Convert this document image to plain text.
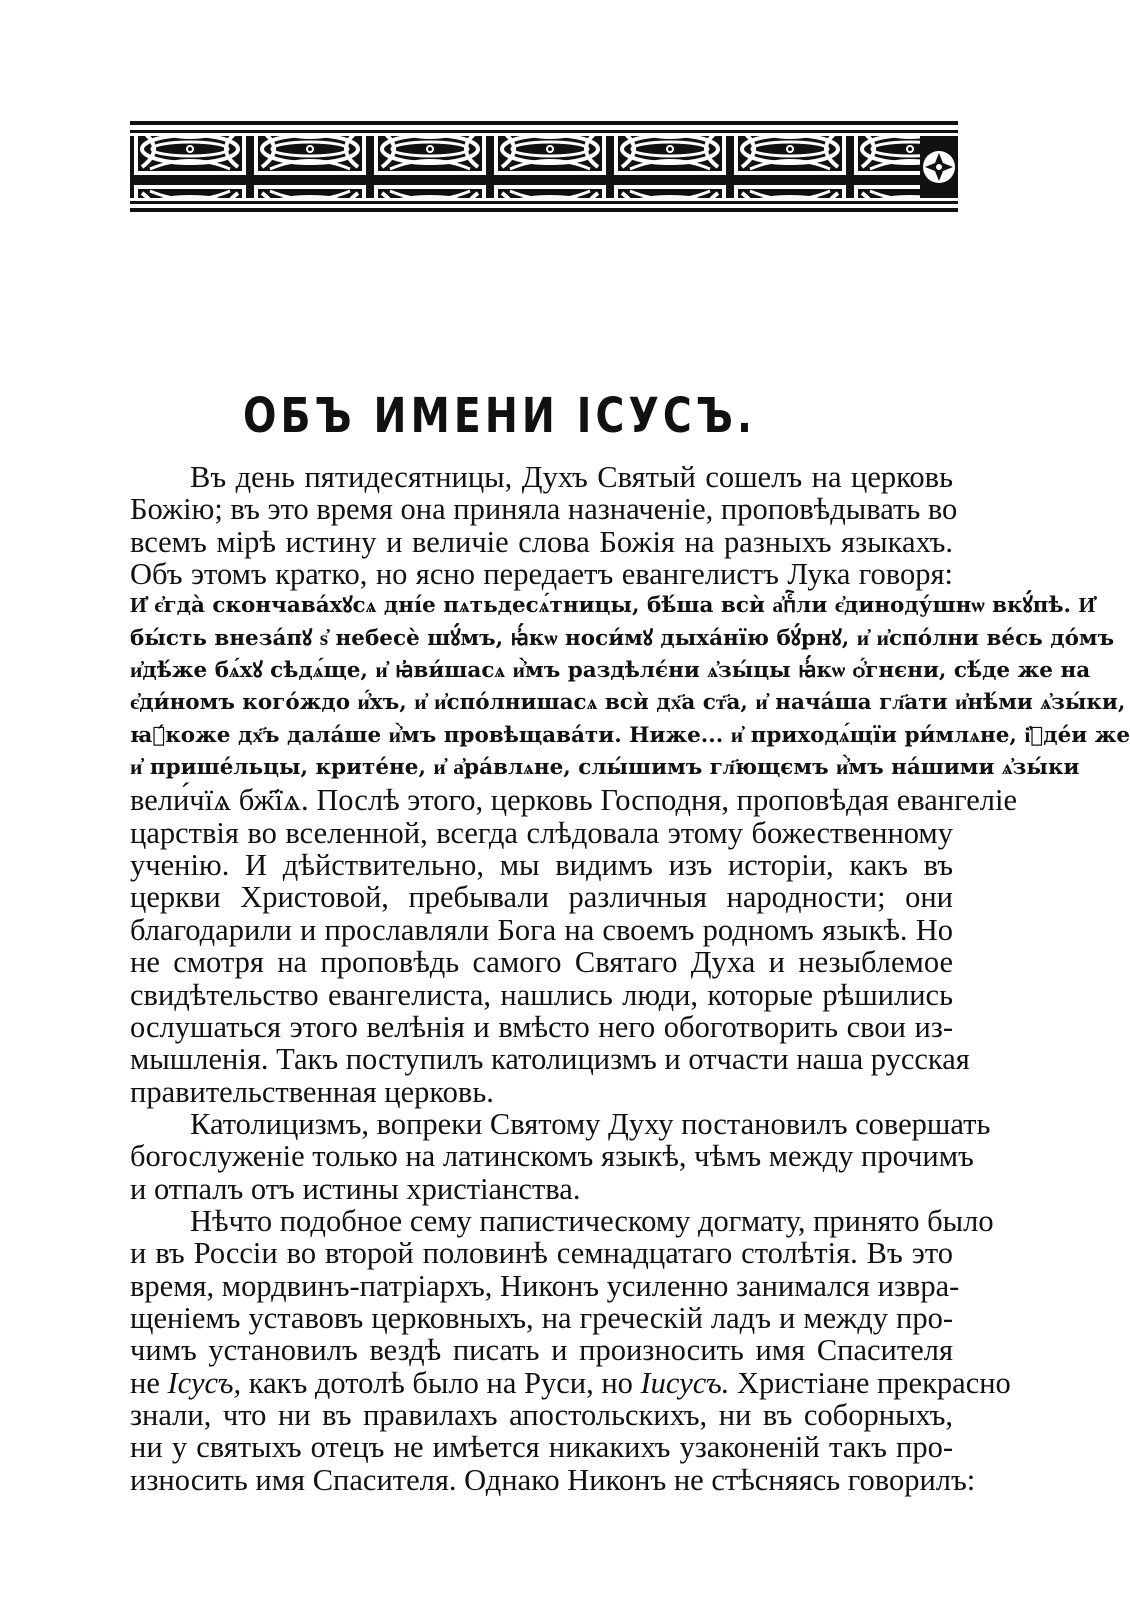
ОБЪ ИМЕНИ ІСУСЪ.
Въ день пятидесятницы, Духъ Святый сошелъ на церковь
Божію; въ это время она приняла назначеніе, проповѣдывать во
всемъ мірѣ истину и величіе слова Божія на разныхъ языкахъ.
Объ этомъ кратко, но ясно передаетъ евангелистъ Лука говоря:
И҆ є҆гда̀ скончава́хꙋсѧ дні́е пѧтьдесѧ́тницы, бѣ́ша всѝ а҆пⷭ҇ли є҆диноду́шнѡ вкꙋ́пѣ. И҆
бы́сть внеза́пꙋ ѕ҆ небесѐ шꙋ́мъ, ꙗ҆́кѡ носи́мꙋ дыха́нїю бꙋ́рнꙋ, и҆ и҆спо́лни ве́сь до́мъ
и҆дѣ́же бѧ́хꙋ сѣдѧ́ще, и҆ ꙗ҆ви́шасѧ и҆̀мъ раздѣлє́ни ѧ҆зы́цы ꙗ҆́кѡ ѻ҆́гнєни, сѣ́де же на
є҆ди́номъ кого́ждо и҆́хъ, и҆ и҆спо́лнишасѧ всѝ дх҃а ст҃а, и҆ нача́ша гл҃ати и҆нѣ́ми ѧ҆зы́ки,
ꙗ҆́коже дх҃ъ дала́ше и҆̀мъ провѣщава́ти. Ниже... и҆ приходѧ́щїи ри́млѧне, і҆ꙋде́и же
и҆ прише́льцы, крите́не, и҆ а҆ра́влѧне, слы́шимъ гл҃ющємъ и҆̀мъ на́шими ѧ҆зы́ки
вели́чїѧ бж҃їѧ. Послѣ этого, церковь Господня, проповѣдая евангеліе
царствія во вселенной, всегда слѣдовала этому божественному
ученію. И дѣйствительно, мы видимъ изъ исторіи, какъ въ
церкви Христовой, пребывали различныя народности; они
благодарили и прославляли Бога на своемъ родномъ языкѣ. Но
не смотря на проповѣдь самого Святаго Духа и незыблемое
свидѣтельство евангелиста, нашлись люди, которые рѣшились
ослушаться этого велѣнія и вмѣсто него обоготворить свои из-
мышленія. Такъ поступилъ католицизмъ и отчасти наша русская
правительственная церковь.
Католицизмъ, вопреки Святому Духу постановилъ совершать
богослуженіе только на латинскомъ языкѣ, чѣмъ между прочимъ
и отпалъ отъ истины христіанства.
Нѣчто подобное сему папистическому догмату, принято было
и въ Россіи во второй половинѣ семнадцатаго столѣтія. Въ это
время, мордвинъ-патріархъ, Никонъ усиленно занимался извра-
щеніемъ уставовъ церковныхъ, на греческій ладъ и между про-
чимъ установилъ вездѣ писать и произносить имя Спасителя
не Ісусъ, какъ дотолѣ было на Руси, но Іисусъ. Христіане прекрасно
знали, что ни въ правилахъ апостольскихъ, ни въ соборныхъ,
ни у святыхъ отецъ не имѣется никакихъ узаконеній такъ про-
износить имя Спасителя. Однако Никонъ не стѣсняясь говорилъ:
